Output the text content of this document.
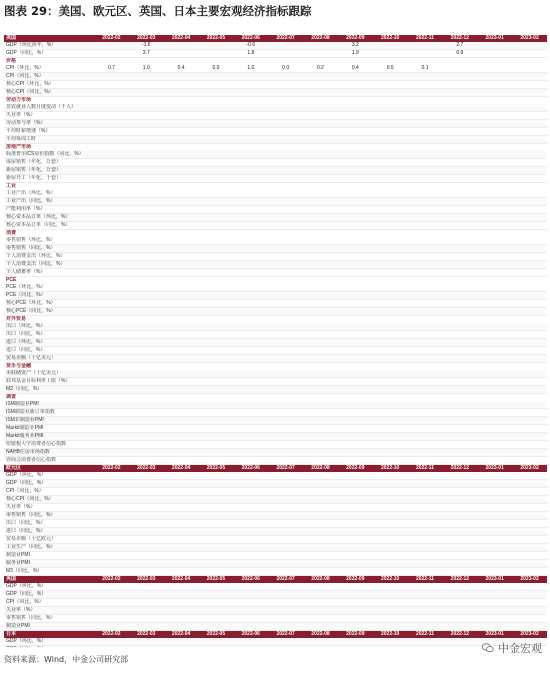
图表 29：美国、欧元区、英国、日本主要宏观经济指标跟踪
美国	2022-02	2022-03	2022-04	2022-05	2022-06	2022-07	2022-08	2022-09	2022-10	2022-11	2022-12	2023-01	2023-02
GDP（环比折年，%）		-1.6			-0.6			3.2			2.7		
GDP（同比，%）		3.7			1.8			1.9			0.9		
价格													
CPI（环比，%）	0.7	1.0	0.4	0.9	1.0	0.0	0.2	0.4	0.5	0.1			
CPI（同比，%）													
核心CPI（环比，%）													
核心CPI（同比，%）													
劳动力市场													
非农就业人数月度变动（千人）													
失业率（%）													
劳动参与率（%）													
平均时薪增速（%）													
平均每周工时													
房地产市场													
标准普尔/CS房价指数（同比，%）													
成屋销售（年化，万套）													
新屋销售（年化，万套）													
新屋开工（年化，千套）													
工业													
工业产出（环比，%）													
工业产出（同比，%）													
产能利用率（%）													
核心资本品订单（环比，%）													
核心资本品订单（同比，%）													
消费													
零售销售（环比，%）													
零售销售（同比，%）													
个人消费支出（环比，%）													
个人消费支出（同比，%）													
个人储蓄率（%）													
PCE													
PCE（环比，%）													
PCE（同比，%）													
核心PCE（环比，%）													
核心PCE（同比，%）													
对外贸易													
出口（环比，%）													
出口（同比，%）													
进口（环比，%）													
进口（同比，%）													
贸易差额（十亿美元）													
货币与金融													
美联储资产（十亿美元）													
联邦基金目标利率上限（%）													
M2（同比，%）													
调查													
ISM制造业PMI													
ISM制造业新订单指数													
ISM非制造业PMI													
Markit制造业PMI													
Markit服务业PMI													
密歇根大学消费者信心指数													
NAHB住房市场指数													
咨商会消费者信心指数													
欧元区	2022-02	2022-03	2022-04	2022-05	2022-06	2022-07	2022-08	2022-09	2022-10	2022-11	2022-12	2023-01	2023-02
GDP（环比，%）													
GDP（同比，%）													
CPI（同比，%）													
核心CPI（同比，%）													
失业率（%）													
零售销售（同比，%）													
出口（同比，%）													
进口（同比，%）													
贸易差额（十亿欧元）													
工业生产（同比，%）													
制造业PMI													
服务业PMI													
M3（同比，%）													
英国	2022-02	2022-03	2022-04	2022-05	2022-06	2022-07	2022-08	2022-09	2022-10	2022-11	2022-12	2023-01	2023-02
GDP（环比，%）													
GDP（同比，%）													
CPI（同比，%）													
失业率（%）													
零售销售（同比，%）													
制造业PMI													
日本	2022-02	2022-03	2022-04	2022-05	2022-06	2022-07	2022-08	2022-09	2022-10	2022-11	2022-12	2023-01	2023-02
GDP（环比，%）													

资料来源：Wind，中金公司研究部
中金宏观
